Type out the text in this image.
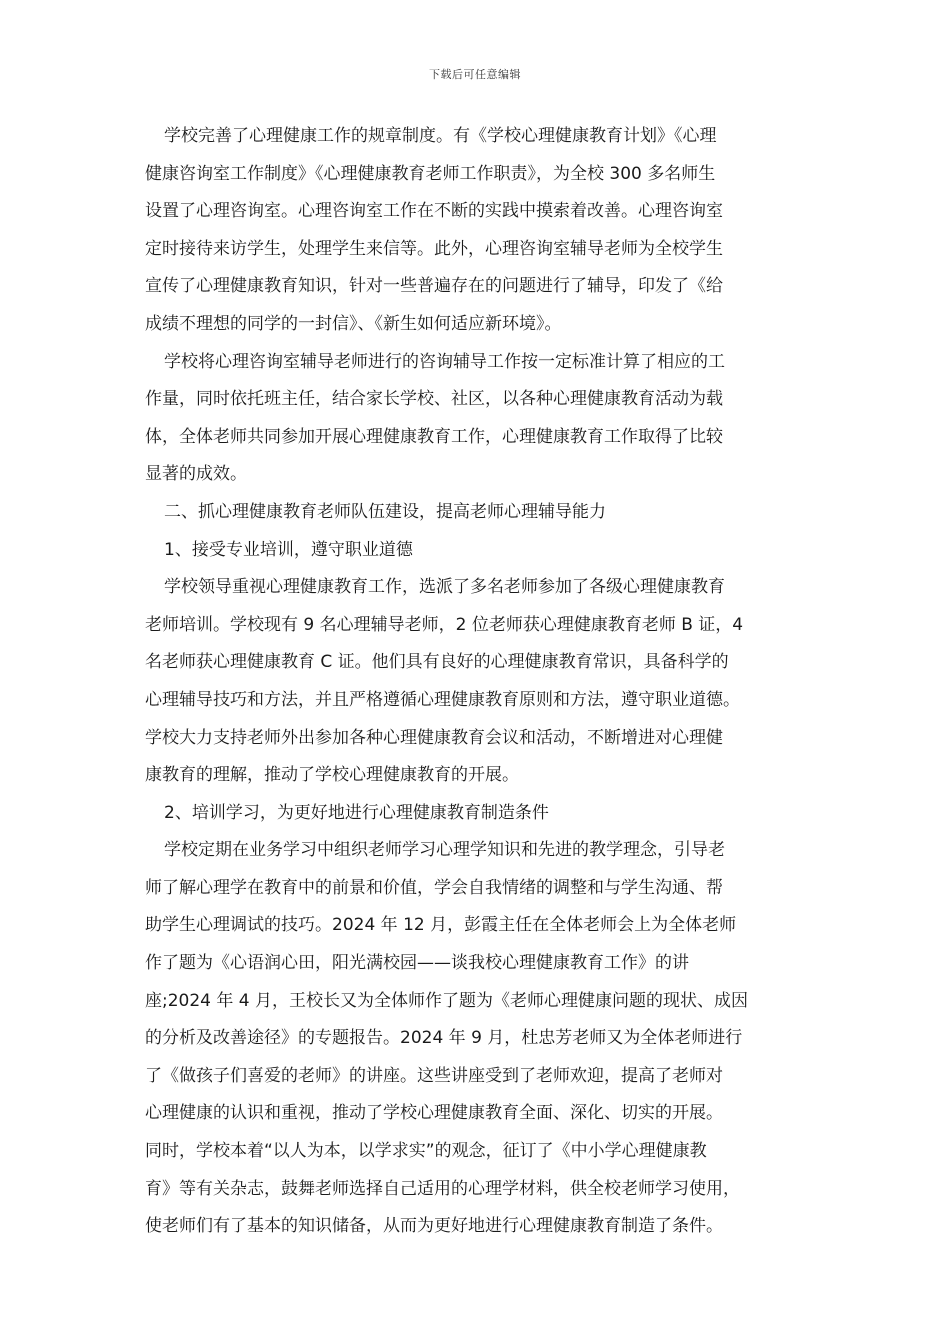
下载后可任意编辑
学校完善了心理健康工作的规章制度。有《学校心理健康教育计划》《心理
健康咨询室工作制度》《心理健康教育老师工作职责》，为全校 300 多名师生
设置了心理咨询室。心理咨询室工作在不断的实践中摸索着改善。心理咨询室
定时接待来访学生，处理学生来信等。此外，心理咨询室辅导老师为全校学生
宣传了心理健康教育知识，针对一些普遍存在的问题进行了辅导，印发了《给
成绩不理想的同学的一封信》、《新生如何适应新环境》。
学校将心理咨询室辅导老师进行的咨询辅导工作按一定标准计算了相应的工
作量，同时依托班主任，结合家长学校、社区，以各种心理健康教育活动为载
体，全体老师共同参加开展心理健康教育工作，心理健康教育工作取得了比较
显著的成效。
二、抓心理健康教育老师队伍建设，提高老师心理辅导能力
1、接受专业培训，遵守职业道德
学校领导重视心理健康教育工作，选派了多名老师参加了各级心理健康教育
老师培训。学校现有 9 名心理辅导老师，2 位老师获心理健康教育老师 B 证，4
名老师获心理健康教育 C 证。他们具有良好的心理健康教育常识，具备科学的
心理辅导技巧和方法，并且严格遵循心理健康教育原则和方法，遵守职业道德。
学校大力支持老师外出参加各种心理健康教育会议和活动，不断增进对心理健
康教育的理解，推动了学校心理健康教育的开展。
2、培训学习，为更好地进行心理健康教育制造条件
学校定期在业务学习中组织老师学习心理学知识和先进的教学理念，引导老
师了解心理学在教育中的前景和价值，学会自我情绪的调整和与学生沟通、帮
助学生心理调试的技巧。2024 年 12 月，彭霞主任在全体老师会上为全体老师
作了题为《心语润心田，阳光满校园——谈我校心理健康教育工作》的讲
座;2024 年 4 月，王校长又为全体师作了题为《老师心理健康问题的现状、成因
的分析及改善途径》的专题报告。2024 年 9 月，杜忠芳老师又为全体老师进行
了《做孩子们喜爱的老师》的讲座。这些讲座受到了老师欢迎，提高了老师对
心理健康的认识和重视，推动了学校心理健康教育全面、深化、切实的开展。
同时，学校本着“以人为本，以学求实”的观念，征订了《中小学心理健康教
育》等有关杂志，鼓舞老师选择自己适用的心理学材料，供全校老师学习使用，
使老师们有了基本的知识储备，从而为更好地进行心理健康教育制造了条件。
